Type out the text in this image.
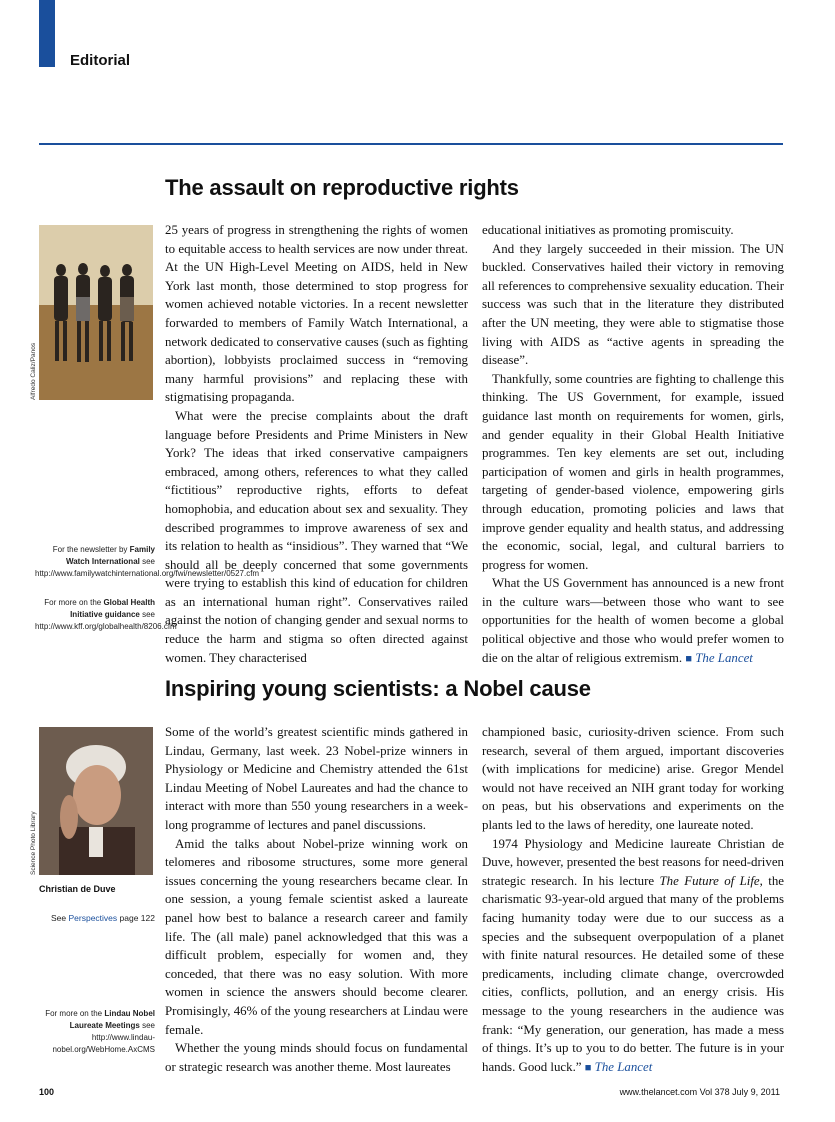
Editorial
The assault on reproductive rights
Alfredo Caliz/Panos

25 years of progress in strengthening the rights of women to equitable access to health services are now under threat. At the UN High-Level Meeting on AIDS, held in New York last month, those determined to stop progress for women achieved notable victories. In a recent newsletter forwarded to members of Family Watch International, a network dedicated to conservative causes (such as fighting abortion), lobbyists proclaimed success in “removing many harmful provisions” and replacing these with stigmatising propaganda.

What were the precise complaints about the draft language before Presidents and Prime Ministers in New York? The ideas that irked conservative campaigners embraced, among others, references to what they called “fictitious” reproductive rights, efforts to defeat homophobia, and education about sex and sexuality. They described programmes to improve awareness of sex and its relation to health as “insidious”. They warned that “We should all be deeply concerned that some governments were trying to establish this kind of education for children as an international human right”. Conservatives railed against the notion of changing gender and sexual norms to reduce the harm and stigma so often directed against women. They characterised

educational initiatives as promoting promiscuity.

And they largely succeeded in their mission. The UN buckled. Conservatives hailed their victory in removing all references to comprehensive sexuality education. Their success was such that in the literature they distributed after the UN meeting, they were able to stigmatise those living with AIDS as “active agents in spreading the disease”.

Thankfully, some countries are fighting to challenge this thinking. The US Government, for example, issued guidance last month on requirements for women, girls, and gender equality in their Global Health Initiative programmes. Ten key elements are set out, including participation of women and girls in health programmes, targeting of gender-based violence, empowering girls through education, promoting policies and laws that improve gender equality and health status, and addressing the economic, social, legal, and cultural barriers to progress for women.

What the US Government has announced is a new front in the culture wars—between those who want to see opportunities for the health of women become a global political objective and those who would prefer women to die on the altar of religious extremism. ■ The Lancet

For the newsletter by Family Watch International see http://www.familywatchinternational.org/fwi/newsletter/0527.cfm
For more on the Global Health Initiative guidance see http://www.kff.org/globalhealth/8206.cfm
Inspiring young scientists: a Nobel cause
Science Photo Library
Christian de Duve

Some of the world’s greatest scientific minds gathered in Lindau, Germany, last week. 23 Nobel-prize winners in Physiology or Medicine and Chemistry attended the 61st Lindau Meeting of Nobel Laureates and had the chance to interact with more than 550 young researchers in a week-long programme of lectures and panel discussions.

Amid the talks about Nobel-prize winning work on telomeres and ribosome structures, some more general issues concerning the young researchers became clear. In one session, a young female scientist asked a laureate panel how best to balance a research career and family life. The (all male) panel acknowledged that this was a difficult problem, especially for women and, they conceded, that there was no easy solution. With more women in science the answers should become clearer. Promisingly, 46% of the young researchers at Lindau were female.

Whether the young minds should focus on fundamental or strategic research was another theme. Most laureates

championed basic, curiosity-driven science. From such research, several of them argued, important discoveries (with implications for medicine) arise. Gregor Mendel would not have received an NIH grant today for working on peas, but his observations and experiments on the plants led to the laws of heredity, one laureate noted.

1974 Physiology and Medicine laureate Christian de Duve, however, presented the best reasons for need-driven strategic research. In his lecture The Future of Life, the charismatic 93-year-old argued that many of the problems facing humanity today were due to our success as a species and the subsequent overpopulation of a planet with finite natural resources. He detailed some of these predicaments, including climate change, overcrowded cities, conflicts, pollution, and an energy crisis. His message to the young researchers in the audience was frank: “My generation, our generation, has made a mess of things. It’s up to you to do better. The future is in your hands. Good luck.” ■ The Lancet

See Perspectives page 122
For more on the Lindau Nobel Laureate Meetings see http://www.lindau-nobel.org/WebHome.AxCMS
100	www.thelancet.com Vol 378 July 9, 2011
